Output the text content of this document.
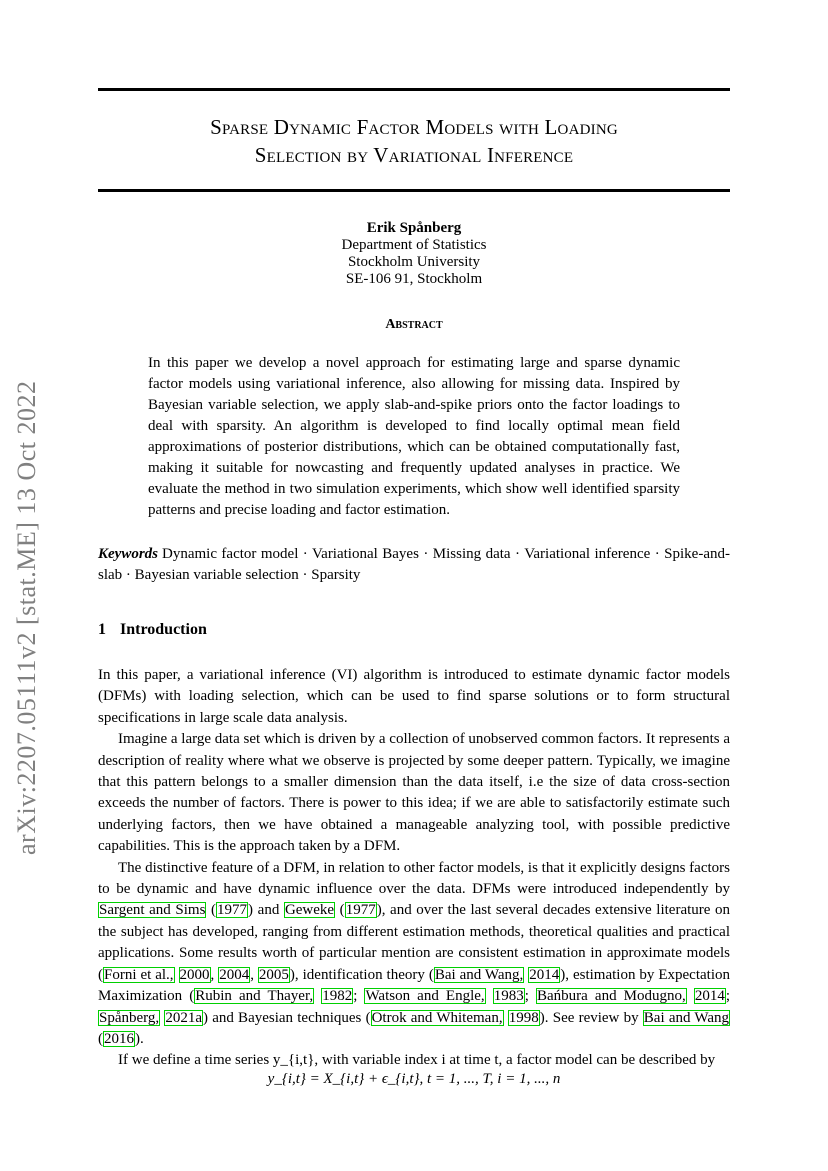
arXiv:2207.05111v2 [stat.ME] 13 Oct 2022
Sparse Dynamic Factor Models with Loading
Selection by Variational Inference
Erik Spånberg
Department of Statistics
Stockholm University
SE-106 91, Stockholm
Abstract
In this paper we develop a novel approach for estimating large and sparse dynamic factor models using variational inference, also allowing for missing data. Inspired by Bayesian variable selection, we apply slab-and-spike priors onto the factor loadings to deal with sparsity. An algorithm is developed to find locally optimal mean field approximations of posterior distributions, which can be obtained computationally fast, making it suitable for nowcasting and frequently updated analyses in practice. We evaluate the method in two simulation experiments, which show well identified sparsity patterns and precise loading and factor estimation.
Keywords Dynamic factor model · Variational Bayes · Missing data · Variational inference · Spike-and-slab · Bayesian variable selection · Sparsity
1 Introduction

In this paper, a variational inference (VI) algorithm is introduced to estimate dynamic factor models (DFMs) with loading selection, which can be used to find sparse solutions or to form structural specifications in large scale data analysis.

Imagine a large data set which is driven by a collection of unobserved common factors. It represents a description of reality where what we observe is projected by some deeper pattern. Typically, we imagine that this pattern belongs to a smaller dimension than the data itself, i.e the size of data cross-section exceeds the number of factors. There is power to this idea; if we are able to satisfactorily estimate such underlying factors, then we have obtained a manageable analyzing tool, with possible predictive capabilities. This is the approach taken by a DFM.

The distinctive feature of a DFM, in relation to other factor models, is that it explicitly designs factors to be dynamic and have dynamic influence over the data. DFMs were introduced independently by Sargent and Sims (1977) and Geweke (1977), and over the last several decades extensive literature on the subject has developed, ranging from different estimation methods, theoretical qualities and practical applications. Some results worth of particular mention are consistent estimation in approximate models (Forni et al., 2000, 2004, 2005), identification theory (Bai and Wang, 2014), estimation by Expectation Maximization (Rubin and Thayer, 1982; Watson and Engle, 1983; Bańbura and Modugno, 2014; Spånberg, 2021a) and Bayesian techniques (Otrok and Whiteman, 1998). See review by Bai and Wang (2016).

If we define a time series y_{i,t}, with variable index i at time t, a factor model can be described by

y_{i,t} = X_{i,t} + ϵ_{i,t}, t = 1, ..., T, i = 1, ..., n
